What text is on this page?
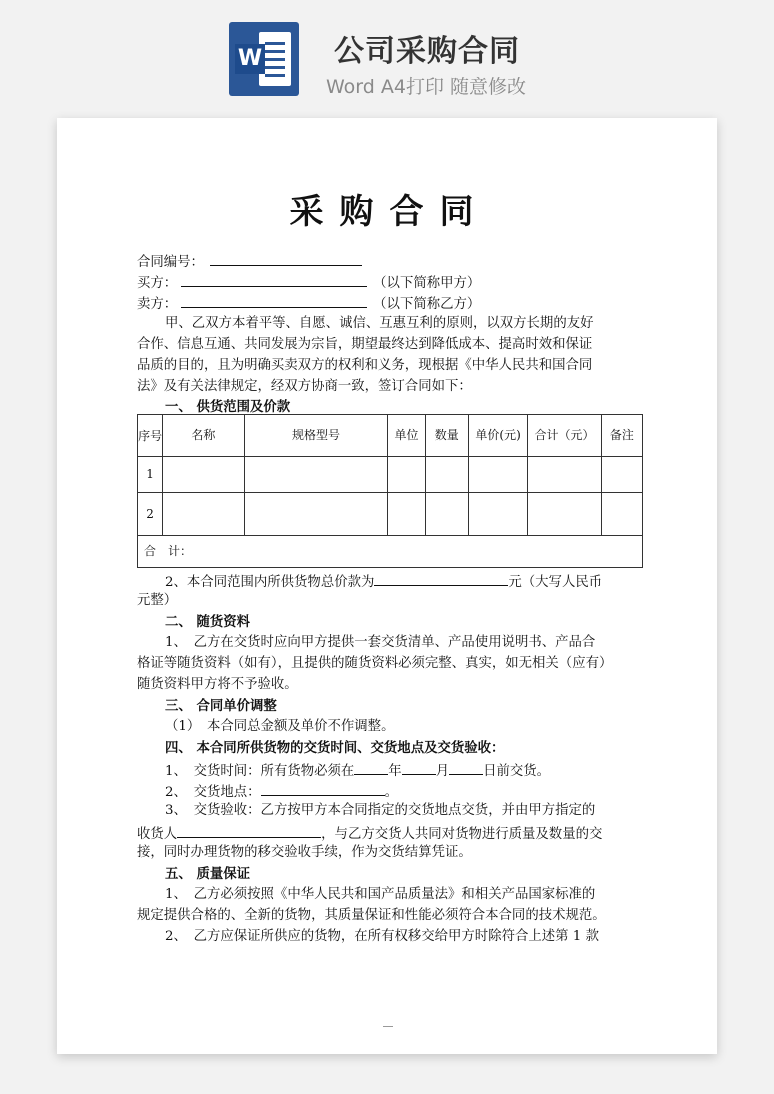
W 公司采购合同
Word A4打印 随意修改
采购合同
合同编号：
买方：	（以下简称甲方）
卖方：	（以下简称乙方）
甲、乙双方本着平等、自愿、诚信、互惠互利的原则，以双方长期的友好
合作、信息互通、共同发展为宗旨，期望最终达到降低成本、提高时效和保证
品质的目的，且为明确买卖双方的权利和义务，现根据《中华人民共和国合同
法》及有关法律规定，经双方协商一致，签订合同如下：
一、 供货范围及价款
序号	名称	规格型号	单位	数量	单价(元)	合计（元）	备注
1							
2							
合　计：							
2、本合同范围内所供货物总价款为	元（大写人民币
元整）
二、 随货资料
1、　乙方在交货时应向甲方提供一套交货清单、产品使用说明书、产品合
格证等随货资料（如有），且提供的随货资料必须完整、真实，如无相关（应有）
随货资料甲方将不予验收。
三、 合同单价调整
（1）　本合同总金额及单价不作调整。
四、 本合同所供货物的交货时间、交货地点及交货验收：
1、　交货时间：所有货物必须在	年	月	日前交货。
2、　交货地点：	。
3、　交货验收：乙方按甲方本合同指定的交货地点交货，并由甲方指定的
收货人	，与乙方交货人共同对货物进行质量及数量的交
接，同时办理货物的移交验收手续，作为交货结算凭证。
五、 质量保证
1、　乙方必须按照《中华人民共和国产品质量法》和相关产品国家标准的
规定提供合格的、全新的货物，其质量保证和性能必须符合本合同的技术规范。
2、　乙方应保证所供应的货物，在所有权移交给甲方时除符合上述第 1 款
